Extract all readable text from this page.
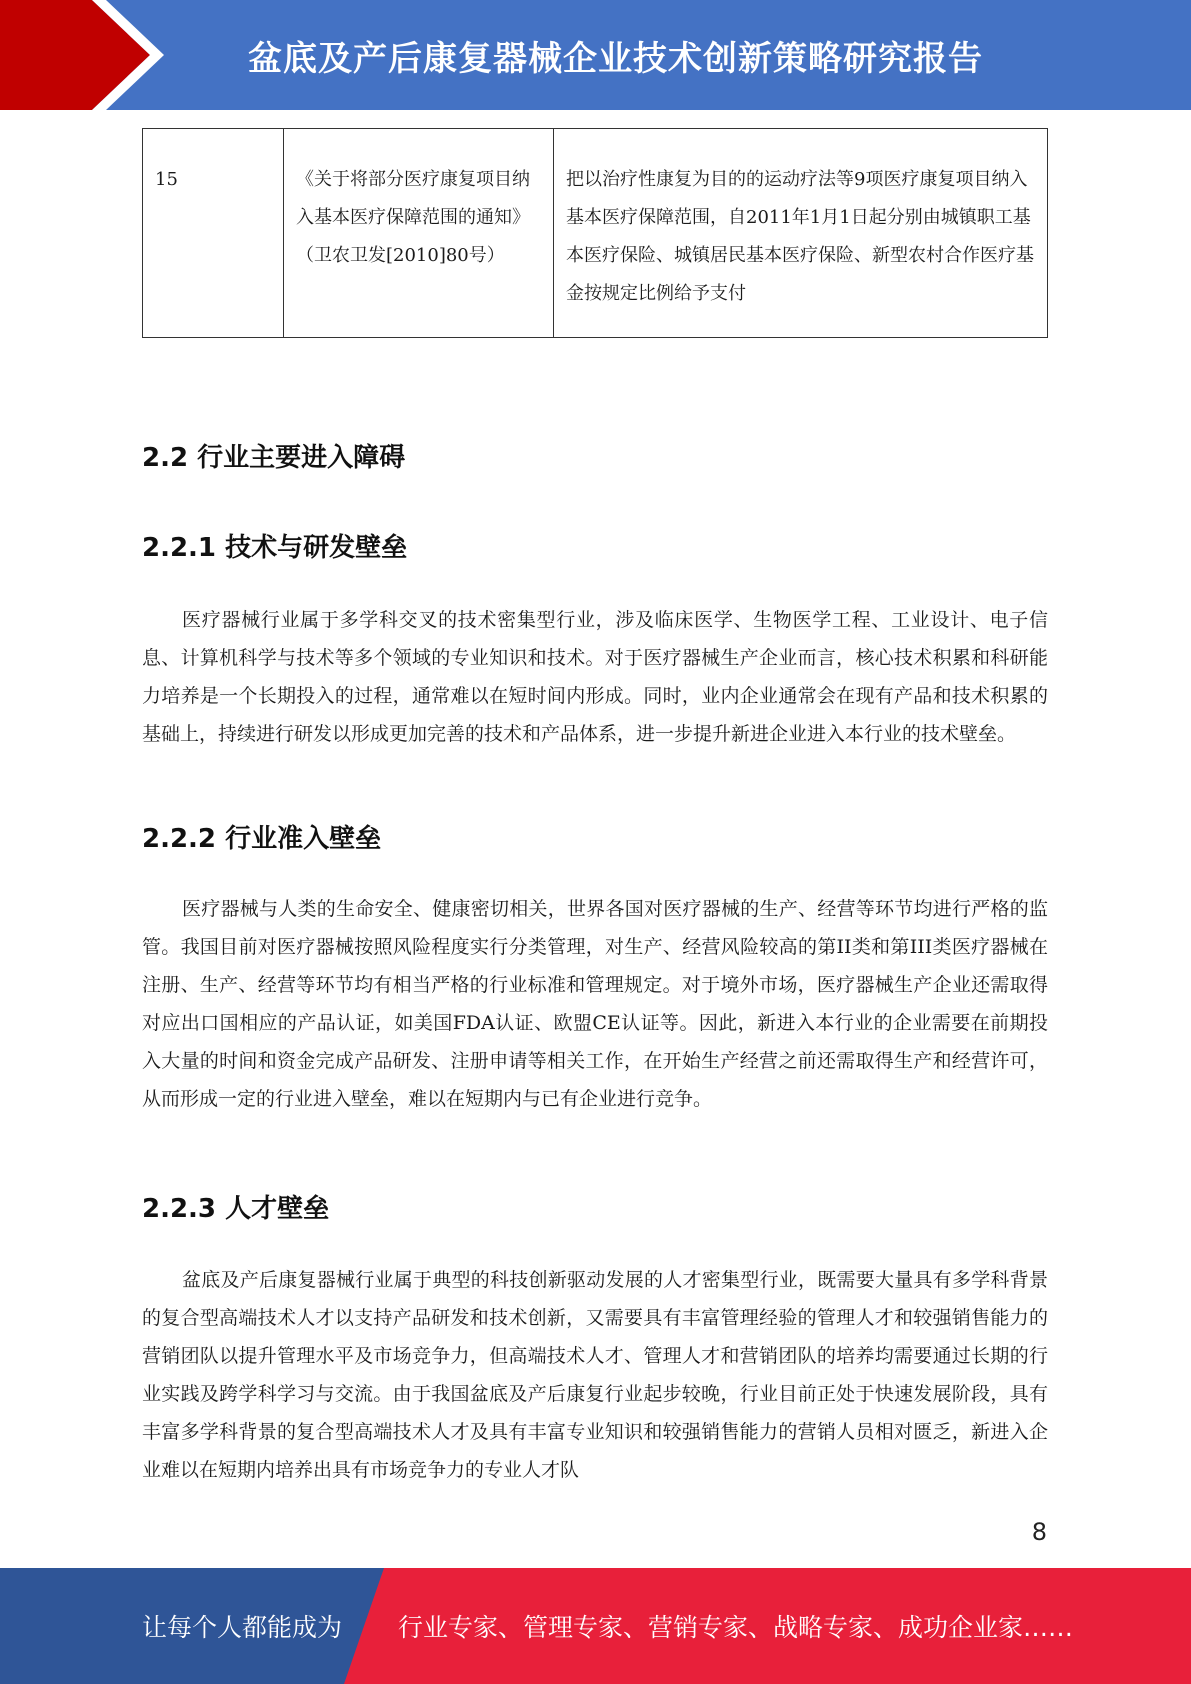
盆底及产后康复器械企业技术创新策略研究报告
15	《关于将部分医疗康复项目纳入基本医疗保障范围的通知》（卫农卫发[2010]80号）	把以治疗性康复为目的的运动疗法等9项医疗康复项目纳入基本医疗保障范围，自2011年1月1日起分别由城镇职工基本医疗保险、城镇居民基本医疗保险、新型农村合作医疗基金按规定比例给予支付
2.2 行业主要进入障碍
2.2.1 技术与研发壁垒

医疗器械行业属于多学科交叉的技术密集型行业，涉及临床医学、生物医学工程、工业设计、电子信息、计算机科学与技术等多个领域的专业知识和技术。对于医疗器械生产企业而言，核心技术积累和科研能力培养是一个长期投入的过程，通常难以在短时间内形成。同时，业内企业通常会在现有产品和技术积累的基础上，持续进行研发以形成更加完善的技术和产品体系，进一步提升新进企业进入本行业的技术壁垒。

2.2.2 行业准入壁垒

医疗器械与人类的生命安全、健康密切相关，世界各国对医疗器械的生产、经营等环节均进行严格的监管。我国目前对医疗器械按照风险程度实行分类管理，对生产、经营风险较高的第II类和第III类医疗器械在注册、生产、经营等环节均有相当严格的行业标准和管理规定。对于境外市场，医疗器械生产企业还需取得对应出口国相应的产品认证，如美国FDA认证、欧盟CE认证等。因此，新进入本行业的企业需要在前期投入大量的时间和资金完成产品研发、注册申请等相关工作，在开始生产经营之前还需取得生产和经营许可，从而形成一定的行业进入壁垒，难以在短期内与已有企业进行竞争。

2.2.3 人才壁垒

盆底及产后康复器械行业属于典型的科技创新驱动发展的人才密集型行业，既需要大量具有多学科背景的复合型高端技术人才以支持产品研发和技术创新，又需要具有丰富管理经验的管理人才和较强销售能力的营销团队以提升管理水平及市场竞争力，但高端技术人才、管理人才和营销团队的培养均需要通过长期的行业实践及跨学科学习与交流。由于我国盆底及产后康复行业起步较晚，行业目前正处于快速发展阶段，具有丰富多学科背景的复合型高端技术人才及具有丰富专业知识和较强销售能力的营销人员相对匮乏，新进入企业难以在短期内培养出具有市场竞争力的专业人才队

8
让每个人都能成为 行业专家、管理专家、营销专家、战略专家、成功企业家……
